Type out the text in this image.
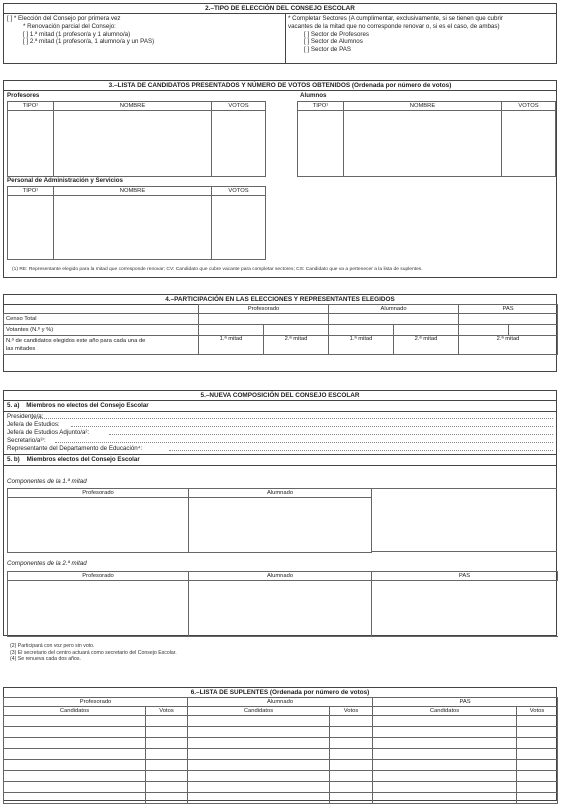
2.–TIPO DE ELECCIÓN DEL CONSEJO ESCOLAR
[ ] * Elección del Consejo por primera vez
* Renovación parcial del Consejo:
[ ] 1.ª mitad (1 profesor/a y 1 alumno/a)
[ ] 2.ª mitad (1 profesor/a, 1 alumno/a y un PAS)
* Completar Sectores (A cumplimentar, exclusivamente, si se tienen que cubrir
vacantes de la mitad que no corresponde renovar o, si es el caso, de ambas)
[ ] Sector de Profesores
[ ] Sector de Alumnos
[ ] Sector de PAS
3.–LISTA DE CANDIDATOS PRESENTADOS Y NÚMERO DE VOTOS OBTENIDOS (Ordenada por número de votos)
Profesores
TIPO¹	NOMBRE	VOTOS

Alumnos
TIPO¹	NOMBRE	VOTOS

Personal de Administración y Servicios
TIPO¹	NOMBRE	VOTOS

(1) RE: Representante elegido para la mitad que corresponde renovar; CV: Candidato que cubre vacante para completar sectores; CS: Candidato que va a pertenecer a la lista de suplentes.
4.–PARTICIPACIÓN EN LAS ELECCIONES Y REPRESENTANTES ELEGIDOS
	Profesorado		Alumnado		PAS	
Censo Total						
Votantes (N.º y %)						
N.º de candidatos elegidos este año para cada una de
las mitades	1.ª mitad	2.ª mitad	1.ª mitad	2.ª mitad	2.ª mitad	
5.–NUEVA COMPOSICIÓN DEL CONSEJO ESCOLAR
5. a) Miembros no electos del Consejo Escolar
Presidente/a:
Jefe/a de Estudios:
Jefe/a de Estudios Adjunto/a²:
Secretario/a³⁾:
Representante del Departamento de Educación⁴:
5. b) Miembros electos del Consejo Escolar
Componentes de la 1.ª mitad
Profesorado	Alumnado

Componentes de la 2.ª mitad
Profesorado	Alumnado	PAS

(2) Participará con voz pero sin voto.
(3) El secretario del centro actuará como secretario del Consejo Escolar.
(4) Se renueva cada dos años.
6.–LISTA DE SUPLENTES (Ordenada por número de votos)
Profesorado		Alumnado		PAS	
Candidatos	Votos	Candidatos	Votos	Candidatos	Votos
